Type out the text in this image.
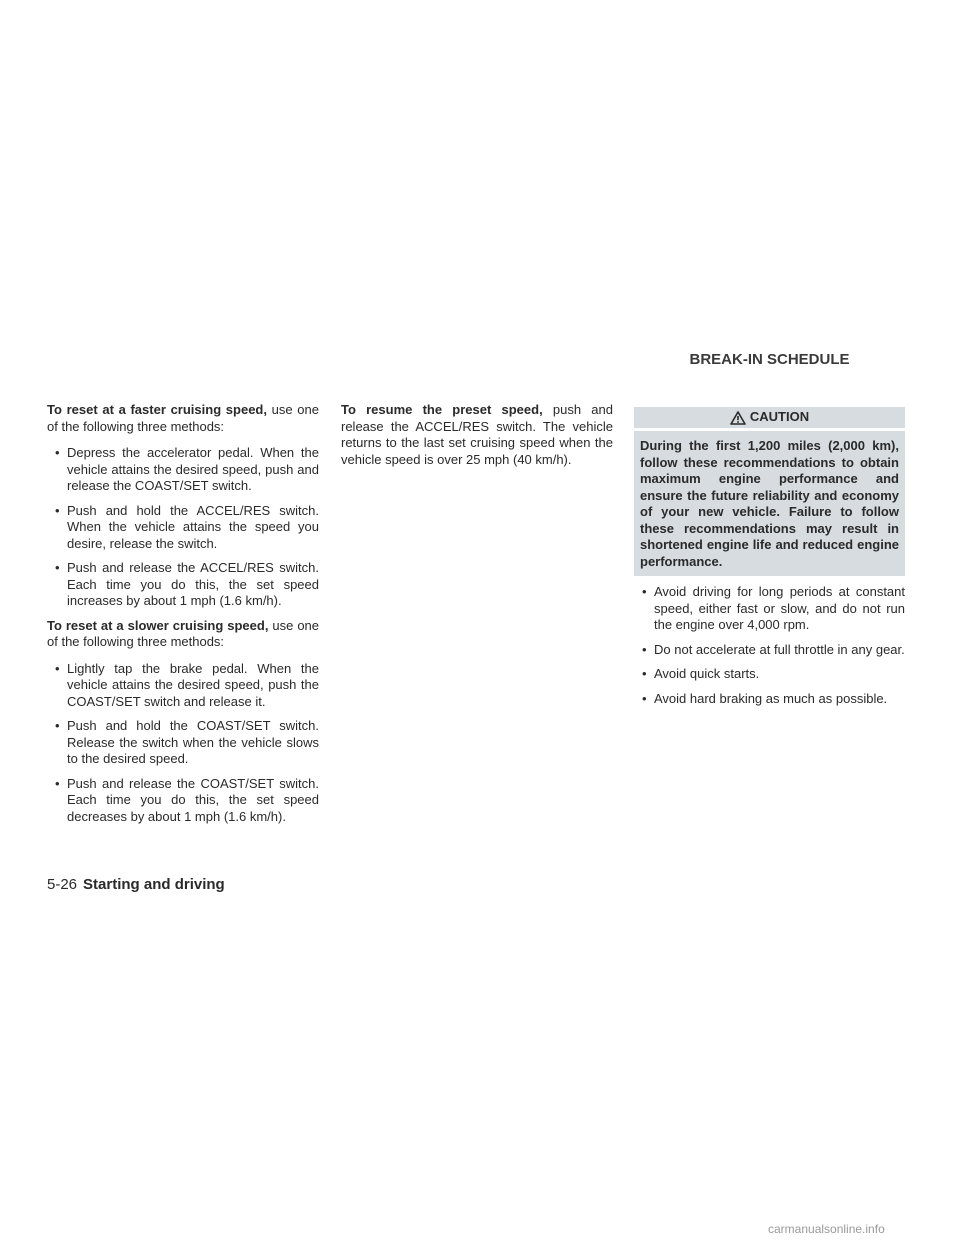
BREAK-IN SCHEDULE

To reset at a faster cruising speed, use one of the following three methods:

• Depress the accelerator pedal. When the vehicle attains the desired speed, push and release the COAST/SET switch.
• Push and hold the ACCEL/RES switch. When the vehicle attains the speed you desire, release the switch.
• Push and release the ACCEL/RES switch. Each time you do this, the set speed increases by about 1 mph (1.6 km/h).

To reset at a slower cruising speed, use one of the following three methods:

• Lightly tap the brake pedal. When the vehicle attains the desired speed, push the COAST/SET switch and release it.
• Push and hold the COAST/SET switch. Release the switch when the vehicle slows to the desired speed.
• Push and release the COAST/SET switch. Each time you do this, the set speed decreases by about 1 mph (1.6 km/h).

To resume the preset speed, push and release the ACCEL/RES switch. The vehicle returns to the last set cruising speed when the vehicle speed is over 25 mph (40 km/h).

CAUTION
During the first 1,200 miles (2,000 km), follow these recommendations to obtain maximum engine performance and ensure the future reliability and economy of your new vehicle. Failure to follow these recommendations may result in shortened engine life and reduced engine performance.
• Avoid driving for long periods at constant speed, either fast or slow, and do not run the engine over 4,000 rpm.
• Do not accelerate at full throttle in any gear.
• Avoid quick starts.
• Avoid hard braking as much as possible.
5-26 Starting and driving
carmanualsonline.info
